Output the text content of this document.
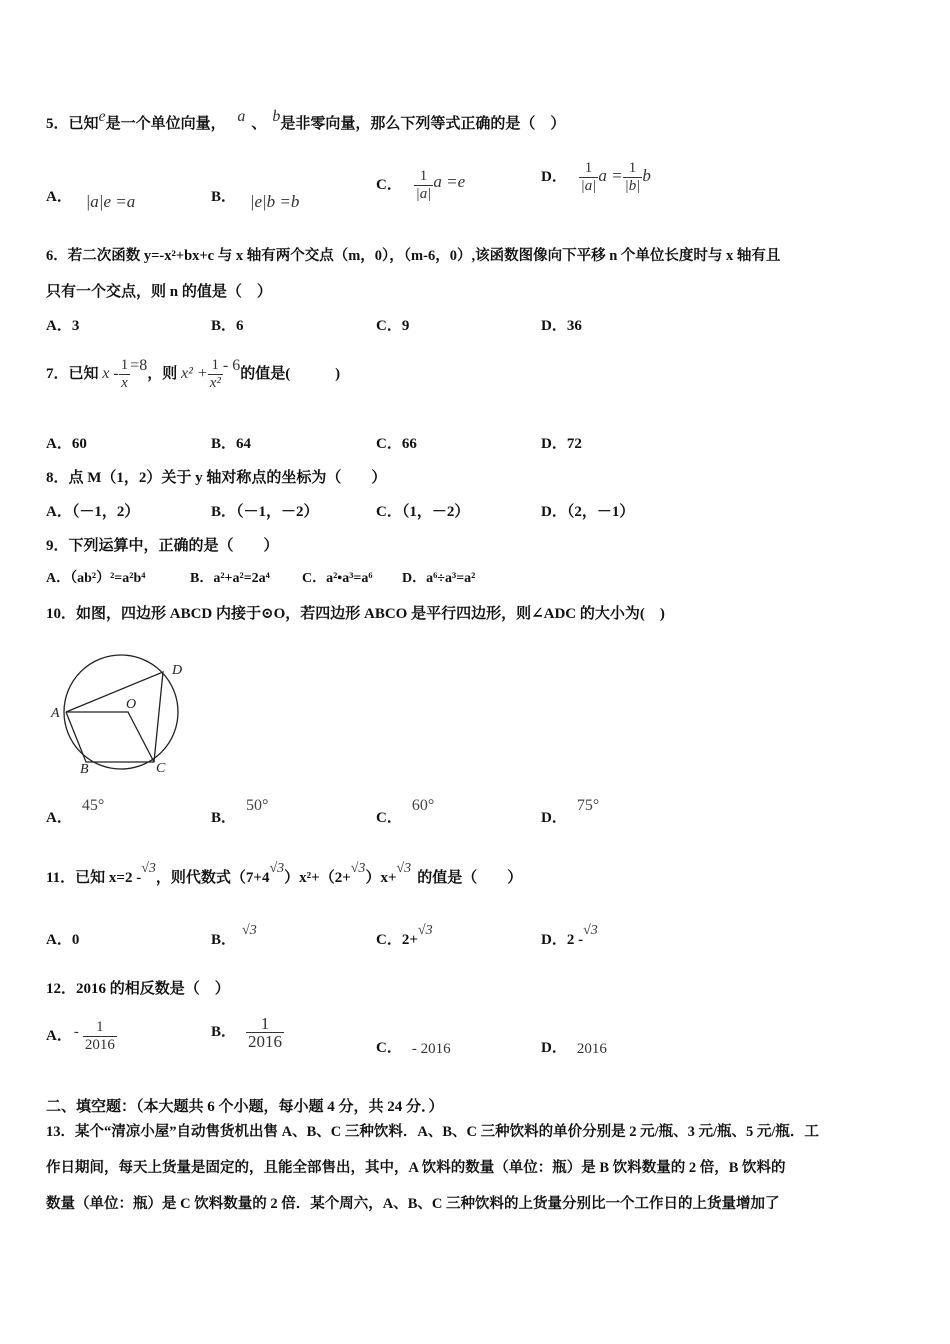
5．已知e是一个单位向量， a 、 b是非零向量，那么下列等式正确的是（　）
A． |a|e =a	B． |e|b =b
C． $\frac{1}{|a|}$ a =e	D． $\frac{1}{|a|}$ $a = \frac{1}{|b|}$ b
6．若二次函数 y=-x²+bx+c 与 x 轴有两个交点（m，0），（m-6，0）,该函数图像向下平移 n 个单位长度时与 x 轴有且
只有一个交点，则 n 的值是（　）
A．3	B．6	C．9	D．36
7．已知 $x - \frac{1}{x} =8$，则 $x^2 + \frac{1}{\text{x²}} - 6$的值是(　　　)
A．60	B．64	C．66	D．72
8．点 M（1，2）关于 y 轴对称点的坐标为（　　）
A．（－1，2）	B．（－1，－2）	C．（1，－2）	D．（2，－1）
9．下列运算中，正确的是（　　）
A．（ab²）²=a²b⁴	B．a²+a²=2a⁴ C．a²•a³=a⁶ D．a⁶÷a³=a²
10．如图，四边形 ABCD 内接于⊙O，若四边形 ABCO 是平行四边形，则∠ADC 的大小为(　)
A
B	C
D
O
A．45°
B．50°
C．60°
D．75°
11．已知 x=2 -√3，则代数式（7+4√3）x²+（2+√3）x+√3的值是（　　）
A．0	B．√3
C．2+√3
D．2 -√3
12．2016 的相反数是（　）
A． - $\frac{1}{2016}$	B． $\frac{1}{2016}$	C． - 2016	D． 2016
二、填空题：（本大题共 6 个小题，每小题 4 分，共 24 分．）
13．某个“清凉小屋”自动售货机出售 A、B、C 三种饮料．A、B、C 三种饮料的单价分别是 2 元/瓶、3 元/瓶、5 元/瓶．工
作日期间，每天上货量是固定的，且能全部售出，其中，A 饮料的数量（单位：瓶）是 B 饮料数量的 2 倍，B 饮料的
数量（单位：瓶）是 C 饮料数量的 2 倍．某个周六，A、B、C 三种饮料的上货量分别比一个工作日的上货量增加了
